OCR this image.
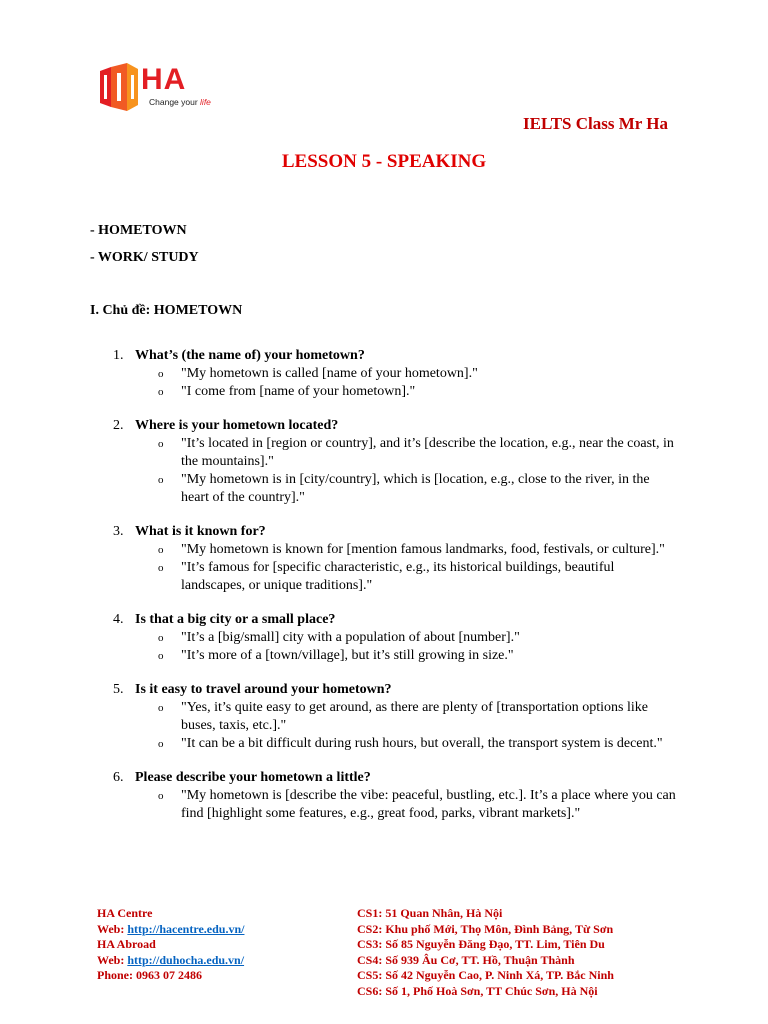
HA
Change your life
IELTS Class Mr Ha
LESSON 5 - SPEAKING
- HOMETOWN
- WORK/ STUDY
I. Chủ đề: HOMETOWN
1. What’s (the name of) your hometown?
o "My hometown is called [name of your hometown]."
o "I come from [name of your hometown]."
2. Where is your hometown located?
o "It’s located in [region or country], and it’s [describe the location, e.g., near the coast, in the mountains]."
o "My hometown is in [city/country], which is [location, e.g., close to the river, in the heart of the country]."
3. What is it known for?
o "My hometown is known for [mention famous landmarks, food, festivals, or culture]."
o "It’s famous for [specific characteristic, e.g., its historical buildings, beautiful landscapes, or unique traditions]."
4. Is that a big city or a small place?
o "It’s a [big/small] city with a population of about [number]."
o "It’s more of a [town/village], but it’s still growing in size."
5. Is it easy to travel around your hometown?
o "Yes, it’s quite easy to get around, as there are plenty of [transportation options like buses, taxis, etc.]."
o "It can be a bit difficult during rush hours, but overall, the transport system is decent."
6. Please describe your hometown a little?
o "My hometown is [describe the vibe: peaceful, bustling, etc.]. It’s a place where you can find [highlight some features, e.g., great food, parks, vibrant markets]."
HA Centre
Web: http://hacentre.edu.vn/
HA Abroad
Web: http://duhocha.edu.vn/
Phone: 0963 07 2486
CS1: 51 Quan Nhân, Hà Nội
CS2: Khu phố Mới, Thọ Môn, Đình Bảng, Từ Sơn
CS3: Số 85 Nguyễn Đăng Đạo, TT. Lim, Tiên Du
CS4: Số 939 Âu Cơ, TT. Hồ, Thuận Thành
CS5: Số 42 Nguyễn Cao, P. Ninh Xá, TP. Bắc Ninh
CS6: Số 1, Phố Hoà Sơn, TT Chúc Sơn, Hà Nội
